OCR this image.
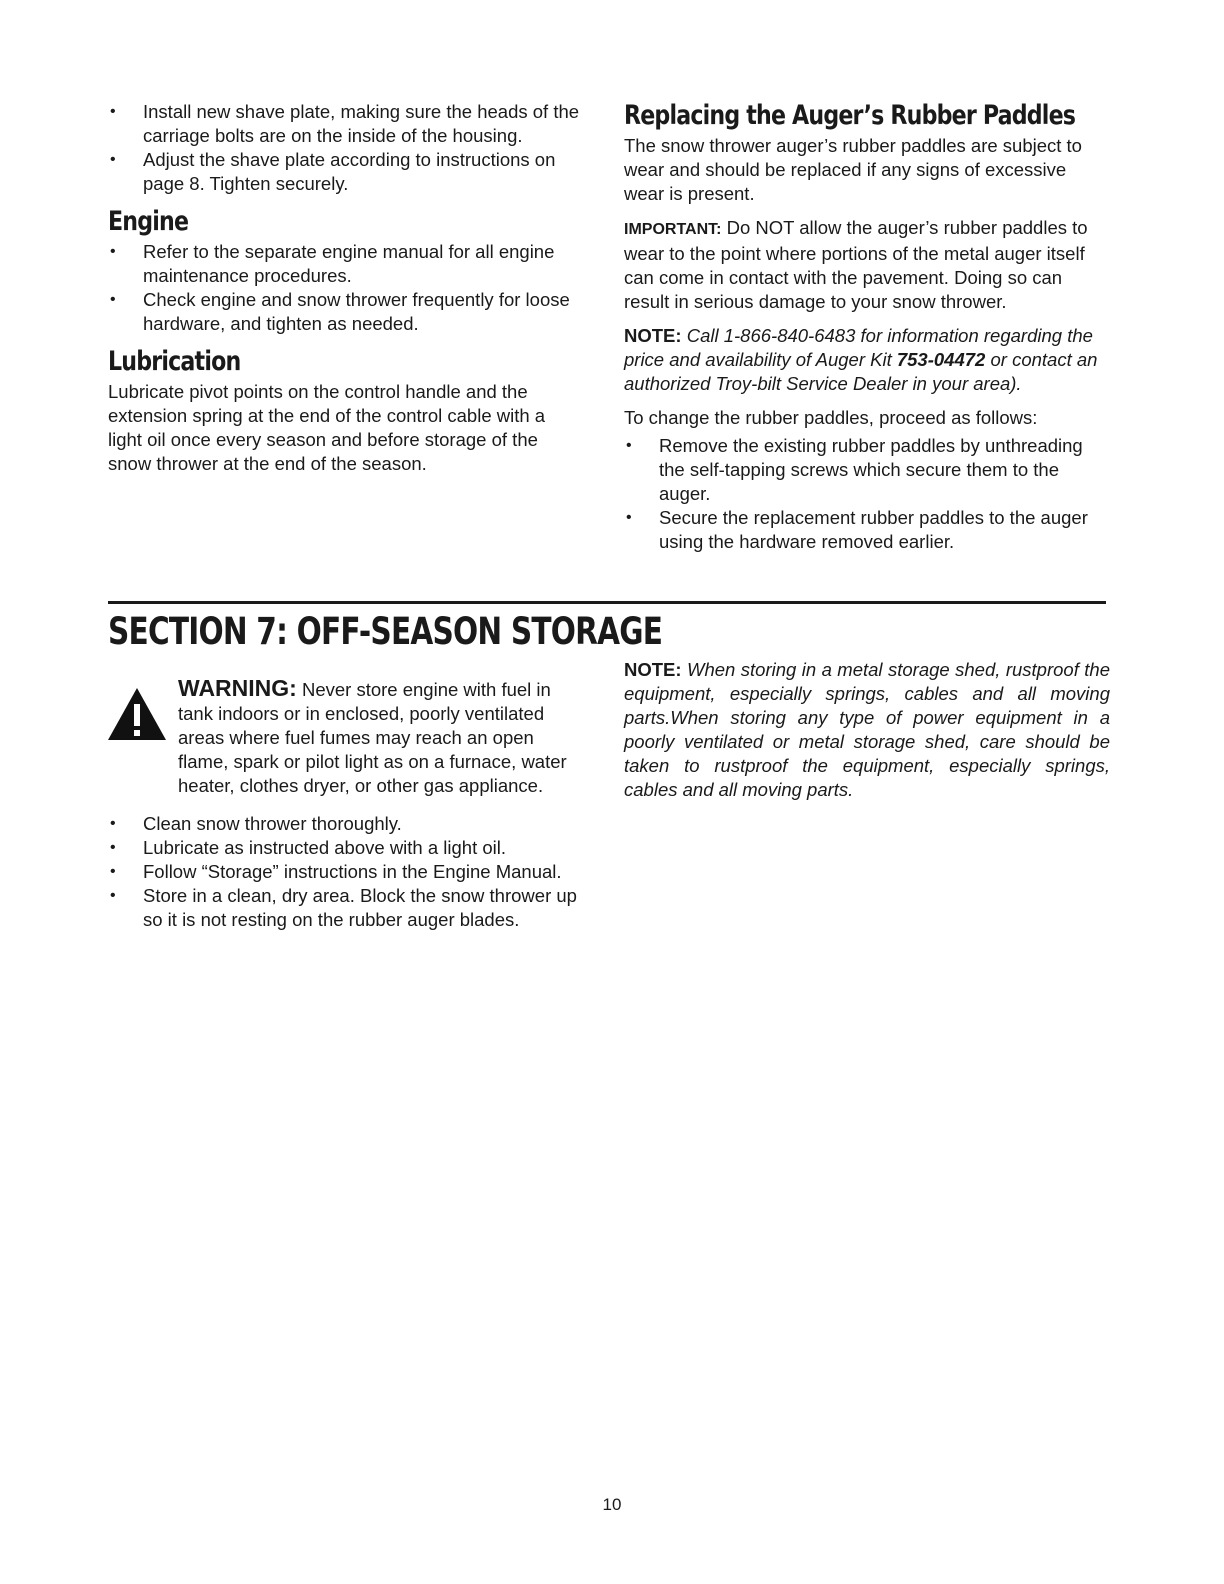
• Install new shave plate, making sure the heads of the carriage bolts are on the inside of the housing.
• Adjust the shave plate according to instructions on page 8. Tighten securely.
Engine
• Refer to the separate engine manual for all engine maintenance procedures.
• Check engine and snow thrower frequently for loose hardware, and tighten as needed.
Lubrication

Lubricate pivot points on the control handle and the extension spring at the end of the control cable with a light oil once every season and before storage of the snow thrower at the end of the season.

Replacing the Auger’s Rubber Paddles

The snow thrower auger’s rubber paddles are subject to wear and should be replaced if any signs of excessive wear is present.

IMPORTANT: Do NOT allow the auger’s rubber paddles to wear to the point where portions of the metal auger itself can come in contact with the pavement. Doing so can result in serious damage to your snow thrower.

NOTE: Call 1-866-840-6483 for information regarding the price and availability of Auger Kit 753-04472 or contact an authorized Troy-bilt Service Dealer in your area).

To change the rubber paddles, proceed as follows:

• Remove the existing rubber paddles by unthreading the self-tapping screws which secure them to the auger.
• Secure the replacement rubber paddles to the auger using the hardware removed earlier.
SECTION 7: OFF-SEASON STORAGE
WARNING: Never store engine with fuel in tank indoors or in enclosed, poorly ventilated areas where fuel fumes may reach an open flame, spark or pilot light as on a furnace, water heater, clothes dryer, or other gas appliance.
• Clean snow thrower thoroughly.
• Lubricate as instructed above with a light oil.
• Follow “Storage” instructions in the Engine Manual.
• Store in a clean, dry area. Block the snow thrower up so it is not resting on the rubber auger blades.

NOTE: When storing in a metal storage shed, rustproof the equipment, especially springs, cables and all moving parts.When storing any type of power equipment in a poorly ventilated or metal storage shed, care should be taken to rustproof the equipment, especially springs, cables and all moving parts.

10
